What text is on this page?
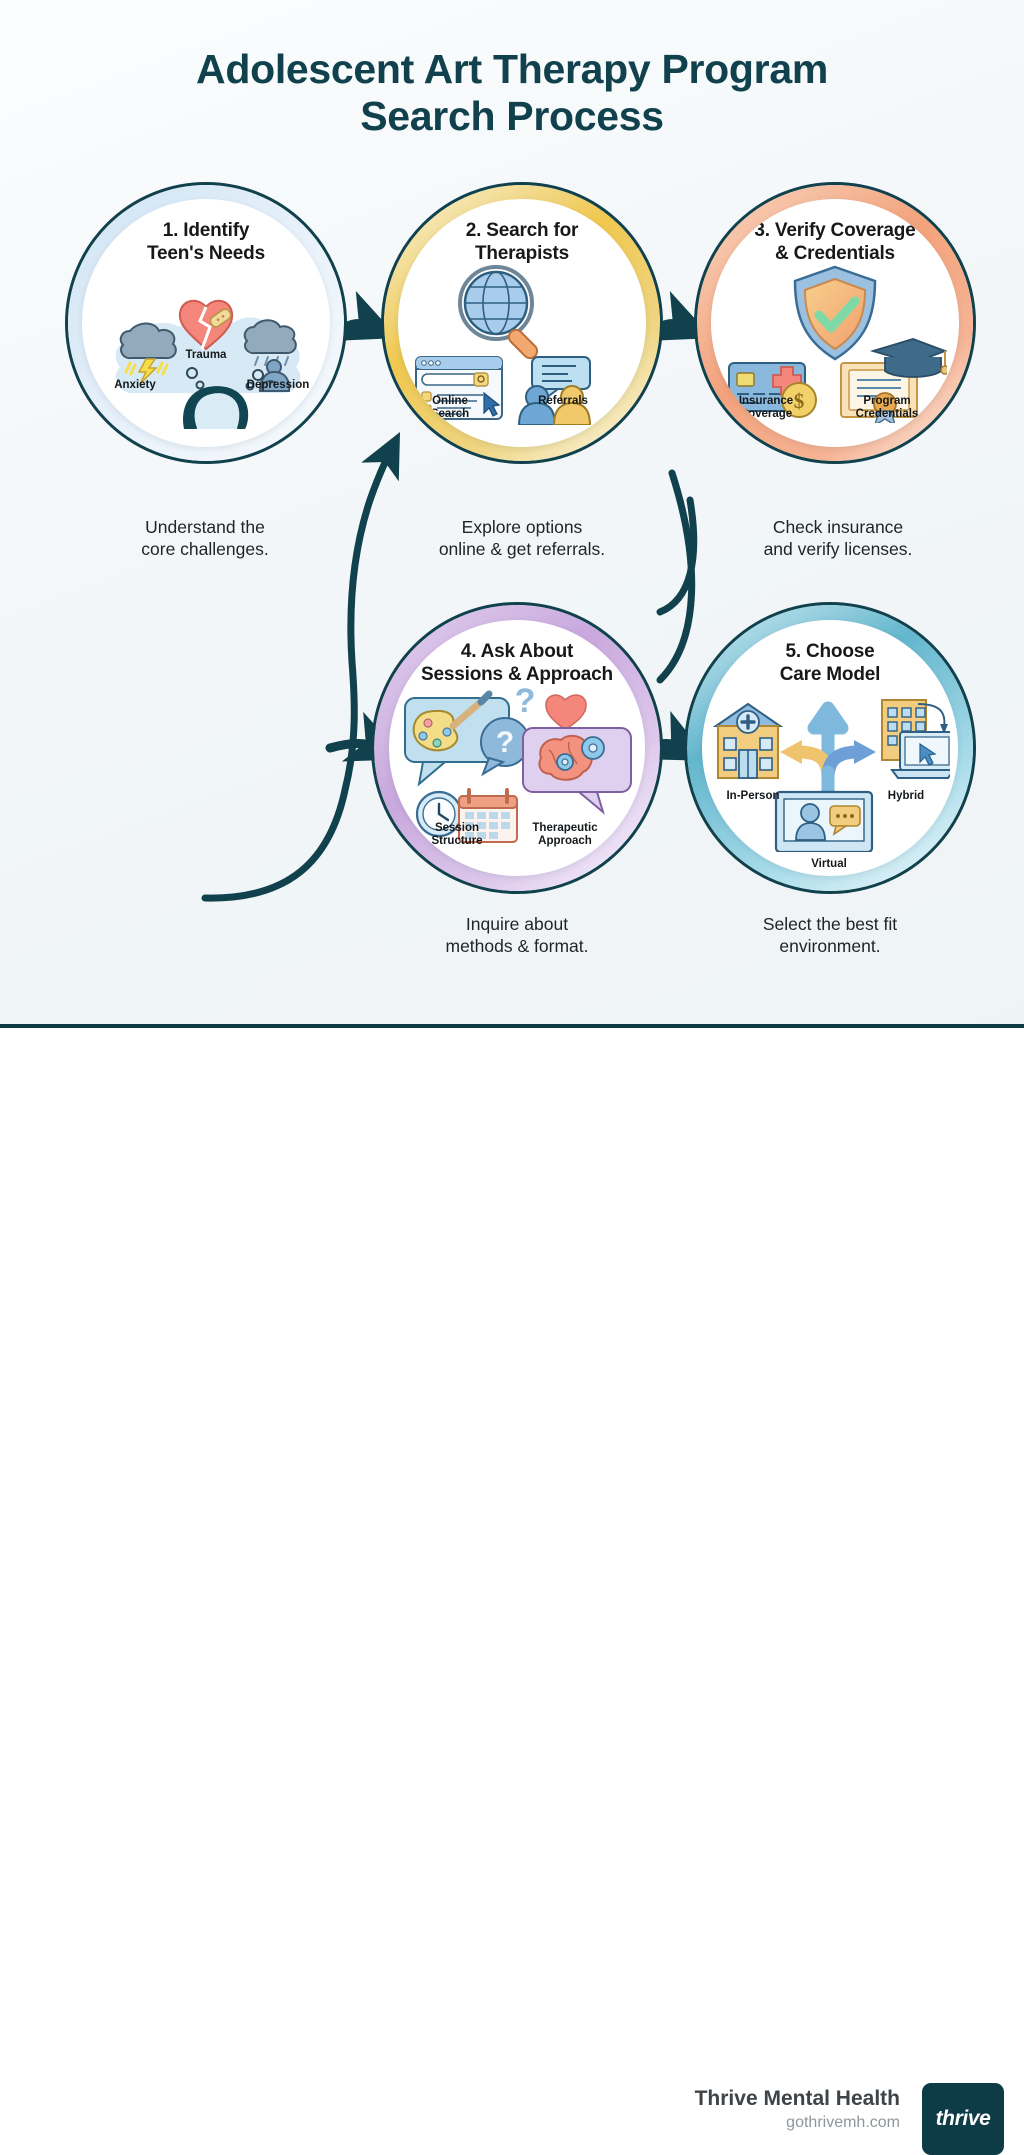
Adolescent Art Therapy Program
Search Process
1. Identify
Teen's Needs
Anxiety
Trauma
Depression
Understand the
core challenges.
2. Search for
Therapists
Online Search
Referrals
Explore options
online & get referrals.
3. Verify Coverage
& Credentials
$
Insurance Coverage
Program Credentials
Check insurance
and verify licenses.
4. Ask About
Sessions & Approach
?
?
Session Structure
Therapeutic Approach
Inquire about
methods & format.
5. Choose
Care Model
In-Person	Hybrid
Virtual
Select the best fit
environment.
Thrive Mental Health
gothrivemh.com thrive
